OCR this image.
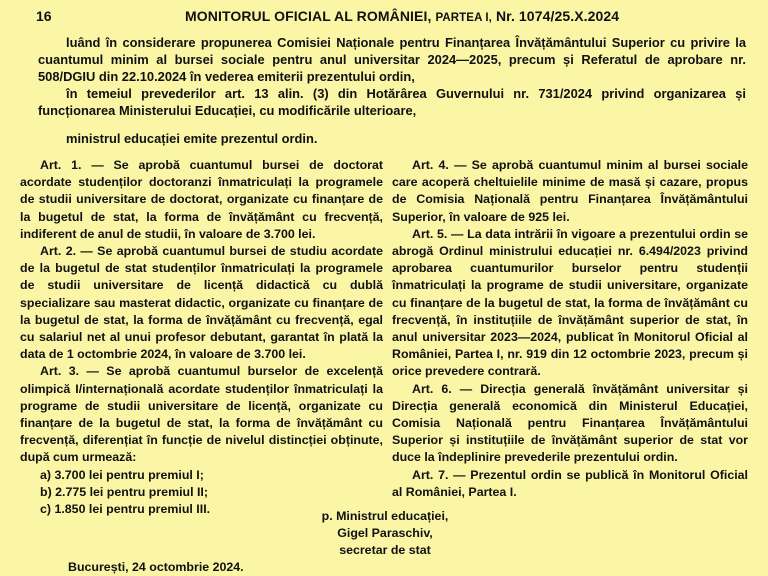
16	MONITORUL OFICIAL AL ROMÂNIEI, PARTEA I, Nr. 1074/25.X.2024

luând în considerare propunerea Comisiei Naționale pentru Finanțarea Învățământului Superior cu privire la cuantumul minim al bursei sociale pentru anul universitar 2024—2025, precum și Referatul de aprobare nr. 508/DGIU din 22.10.2024 în vederea emiterii prezentului ordin,

în temeiul prevederilor art. 13 alin. (3) din Hotărârea Guvernului nr. 731/2024 privind organizarea și funcționarea Ministerului Educației, cu modificările ulterioare,

ministrul educației emite prezentul ordin.

Art. 1. — Se aprobă cuantumul bursei de doctorat acordate studenților doctoranzi înmatriculați la programele de studii universitare de doctorat, organizate cu finanțare de la bugetul de stat, la forma de învățământ cu frecvență, indiferent de anul de studii, în valoare de 3.700 lei.

Art. 2. — Se aprobă cuantumul bursei de studiu acordate de la bugetul de stat studenților înmatriculați la programele de studii universitare de licență didactică cu dublă specializare sau masterat didactic, organizate cu finanțare de la bugetul de stat, la forma de învățământ cu frecvență, egal cu salariul net al unui profesor debutant, garantat în plată la data de 1 octombrie 2024, în valoare de 3.700 lei.

Art. 3. — Se aprobă cuantumul burselor de excelență olimpică I/internațională acordate studenților înmatriculați la programe de studii universitare de licență, organizate cu finanțare de la bugetul de stat, la forma de învățământ cu frecvență, diferențiat în funcție de nivelul distincției obținute, după cum urmează:

a) 3.700 lei pentru premiul I;

b) 2.775 lei pentru premiul II;

c) 1.850 lei pentru premiul III.

Art. 4. — Se aprobă cuantumul minim al bursei sociale care acoperă cheltuielile minime de masă și cazare, propus de Comisia Națională pentru Finanțarea Învățământului Superior, în valoare de 925 lei.

Art. 5. — La data intrării în vigoare a prezentului ordin se abrogă Ordinul ministrului educației nr. 6.494/2023 privind aprobarea cuantumurilor burselor pentru studenții înmatriculați la programe de studii universitare, organizate cu finanțare de la bugetul de stat, la forma de învățământ cu frecvență, în instituțiile de învățământ superior de stat, în anul universitar 2023—2024, publicat în Monitorul Oficial al României, Partea I, nr. 919 din 12 octombrie 2023, precum și orice prevedere contrară.

Art. 6. — Direcția generală învățământ universitar și Direcția generală economică din Ministerul Educației, Comisia Națională pentru Finanțarea Învățământului Superior și instituțiile de învățământ superior de stat vor duce la îndeplinire prevederile prezentului ordin.

Art. 7. — Prezentul ordin se publică în Monitorul Oficial al României, Partea I.

p. Ministrul educației,
Gigel Paraschiv,
secretar de stat
București, 24 octombrie 2024.
